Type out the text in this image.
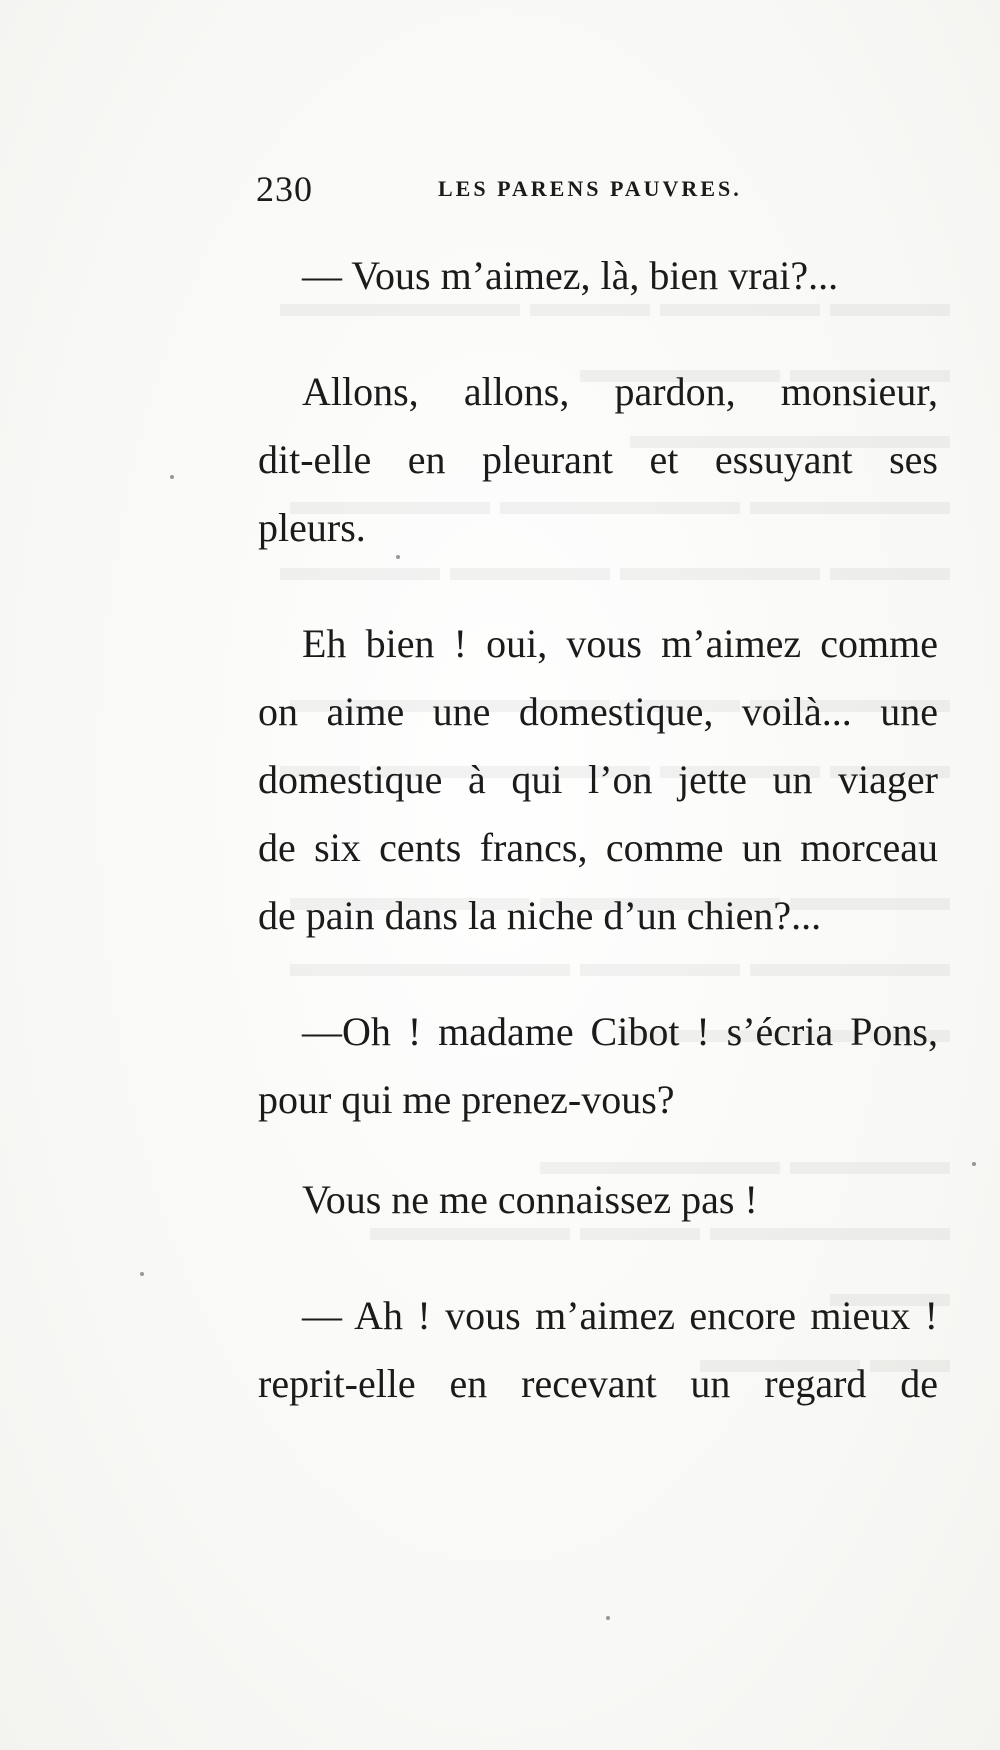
230	LES PARENS PAUVRES.

— Vous m’aimez, là, bien vrai?...

Allons, allons, pardon, monsieur,
dit-elle en pleurant et essuyant ses
pleurs.

Eh bien ! oui, vous m’aimez comme
on aime une domestique, voilà... une
domestique à qui l’on jette un viager
de six cents francs, comme un morceau
de pain dans la niche d’un chien?...

—Oh ! madame Cibot ! s’écria Pons,
pour qui me prenez-vous?

Vous ne me connaissez pas !

— Ah ! vous m’aimez encore mieux !
reprit-elle en recevant un regard de
